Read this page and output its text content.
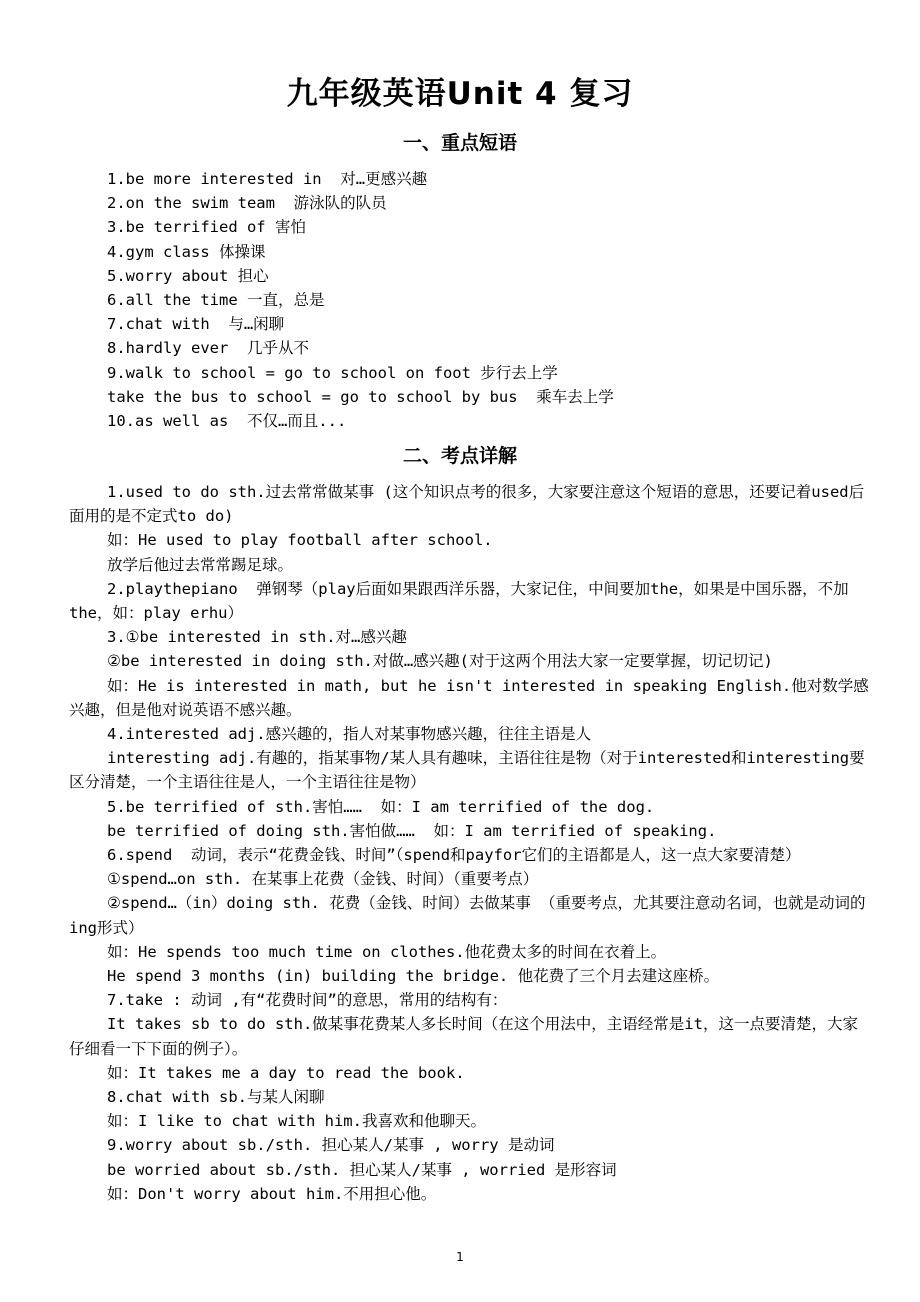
九年级英语Unit 4 复习
一、重点短语
1.be more interested in  对…更感兴趣
2.on the swim team  游泳队的队员
3.be terrified of 害怕
4.gym class 体操课
5.worry about 担心
6.all the time 一直，总是
7.chat with  与…闲聊
8.hardly ever  几乎从不
9.walk to school = go to school on foot 步行去上学
take the bus to school = go to school by bus  乘车去上学
10.as well as  不仅…而且...
二、考点详解
1.used to do sth.过去常常做某事 (这个知识点考的很多，大家要注意这个短语的意思，还要记着used后面用的是不定式to do)
如：He used to play football after school.
放学后他过去常常踢足球。
2.playthepiano  弹钢琴（play后面如果跟西洋乐器，大家记住，中间要加the，如果是中国乐器，不加the，如：play erhu）
3.①be interested in sth.对…感兴趣
②be interested in doing sth.对做…感兴趣(对于这两个用法大家一定要掌握，切记切记)
如：He is interested in math, but he isn't interested in speaking English.他对数学感兴趣，但是他对说英语不感兴趣。
4.interested adj.感兴趣的，指人对某事物感兴趣，往往主语是人
interesting adj.有趣的，指某事物/某人具有趣味，主语往往是物（对于interested和interesting要区分清楚，一个主语往往是人，一个主语往往是物）
5.be terrified of sth.害怕……  如：I am terrified of the dog.
be terrified of doing sth.害怕做……  如：I am terrified of speaking.
6.spend  动词，表示“花费金钱、时间”（spend和payfor它们的主语都是人，这一点大家要清楚）
①spend…on sth. 在某事上花费（金钱、时间）（重要考点）
②spend…（in）doing sth. 花费（金钱、时间）去做某事 （重要考点，尤其要注意动名词，也就是动词的ing形式）
如：He spends too much time on clothes.他花费太多的时间在衣着上。
He spend 3 months (in) building the bridge. 他花费了三个月去建这座桥。
7.take : 动词 ,有“花费时间”的意思，常用的结构有：
It takes sb to do sth.做某事花费某人多长时间（在这个用法中，主语经常是it，这一点要清楚，大家仔细看一下下面的例子）。
如：It takes me a day to read the book.
8.chat with sb.与某人闲聊
如：I like to chat with him.我喜欢和他聊天。
9.worry about sb./sth. 担心某人/某事 , worry 是动词
be worried about sb./sth. 担心某人/某事 , worried 是形容词
如：Don't worry about him.不用担心他。
1
